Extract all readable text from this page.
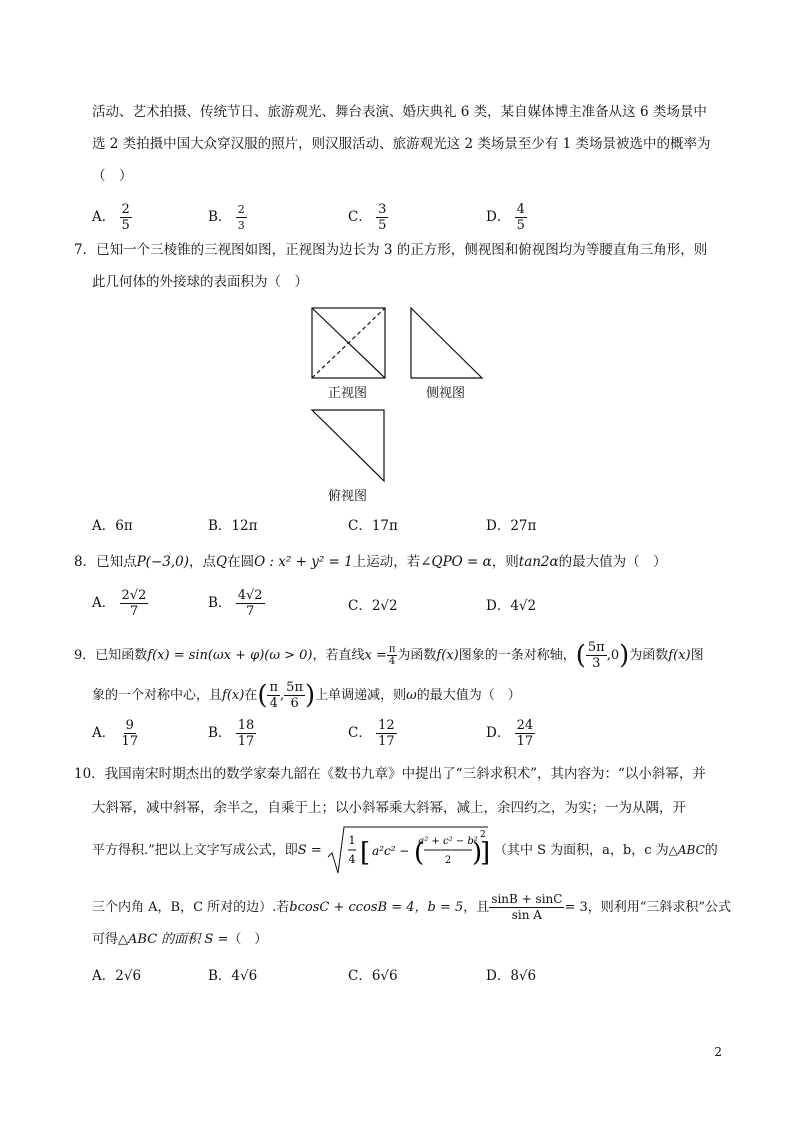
活动、艺术拍摄、传统节日、旅游观光、舞台表演、婚庆典礼 6 类，某自媒体博主准备从这 6 类场景中
选 2 类拍摄中国大众穿汉服的照片，则汉服活动、旅游观光这 2 类场景至少有 1 类场景被选中的概率为
（　）
A． $\frac{2}{5}$	B． $\frac{2}{3}$	C． $\frac{3}{5}$	D． $\frac{4}{5}$
7．已知一个三棱锥的三视图如图，正视图为边长为 3 的正方形，侧视图和俯视图均为等腰直角三角形，则
此几何体的外接球的表面积为（　）
正视图	侧视图
俯视图
A．6π	B．12π	C．17π	D．27π
8．已知点P(−3,0)，点Q在圆O : x² + y² = 1上运动，若∠QPO = α，则tan2α的最大值为（　）
A． $\frac{2√2}{7}$	B． $\frac{4√2}{7}$	C．2√2	D．4√2
9．已知函数f(x) = sin(ωx + φ)(ω > 0)，若直线$x = \frac{\pi}{4}$ 为函数f(x)图象的一条对称轴，( $\frac{5\pi}{3} ,0$)为函数f(x)图
象的一个对称中心，且f(x)在( $\frac{\pi}{4}$ , $\frac{5\pi}{6}$ )上单调递减，则ω的最大值为（　）
A． $\frac{9}{17}$	B． $\frac{18}{17}$	C． $\frac{12}{17}$	D． $\frac{24}{17}$
10．我国南宋时期杰出的数学家秦九韶在《数书九章》中提出了“三斜求积术”，其内容为：“以小斜幂，并
大斜幂，减中斜幂，余半之，自乘于上；以小斜幂乘大斜幂，减上，余四约之，为实；一为从隅，开
平方得积.”把以上文字写成公式，即S =
1
4 [ a²c² − (
a² + c² − b²
2 )
2
] （其中 S 为面积，a，b，c 为△ABC的
三个内角 A，B，C 所对的边）.若bcosC + ccosB = 4，b = 5，且 $\frac{\sin B + \sin C}{\text{sin A}} = 3$，则利用“三斜求积”公式
可得△ABC 的面积 S =（　）
A．2√6	B．4√6	C．6√6	D．8√6
2
